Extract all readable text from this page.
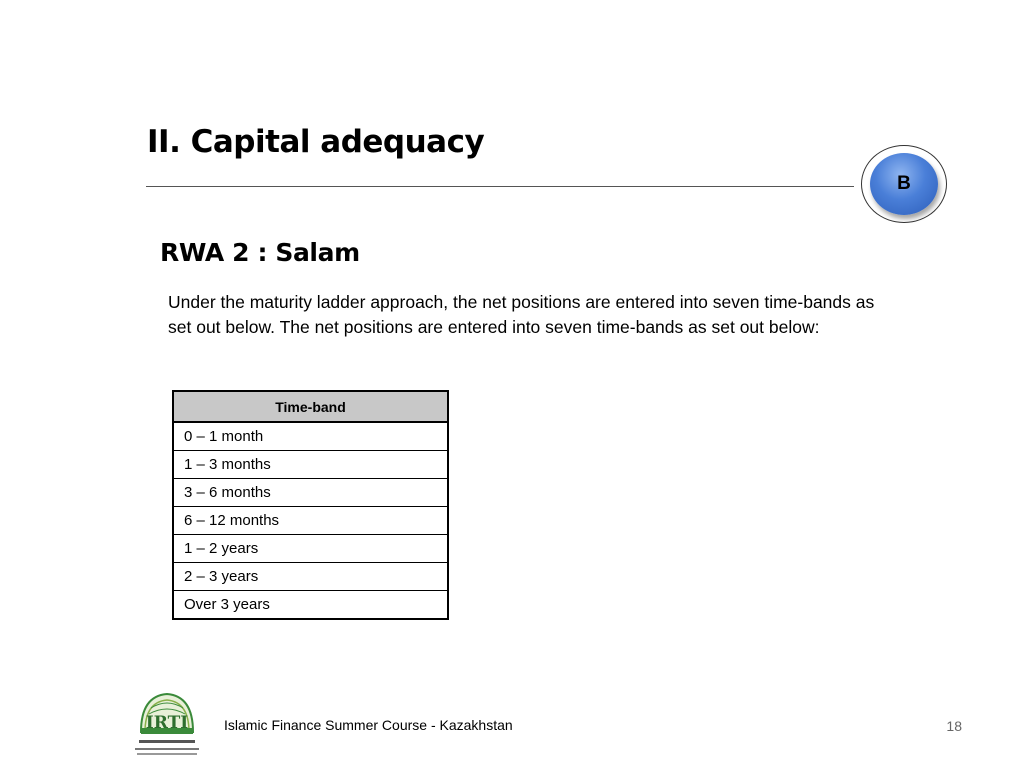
II. Capital adequacy
B
RWA 2 : Salam
Under the maturity ladder approach, the net positions are entered into seven time-bands as set out below. The net positions are entered into seven time-bands as set out below:
Time-band
0 – 1 month
1 – 3 months
3 – 6 months
6 – 12 months
1 – 2 years
2 – 3 years
Over 3 years
IRTI	Islamic Finance Summer Course - Kazakhstan	18
